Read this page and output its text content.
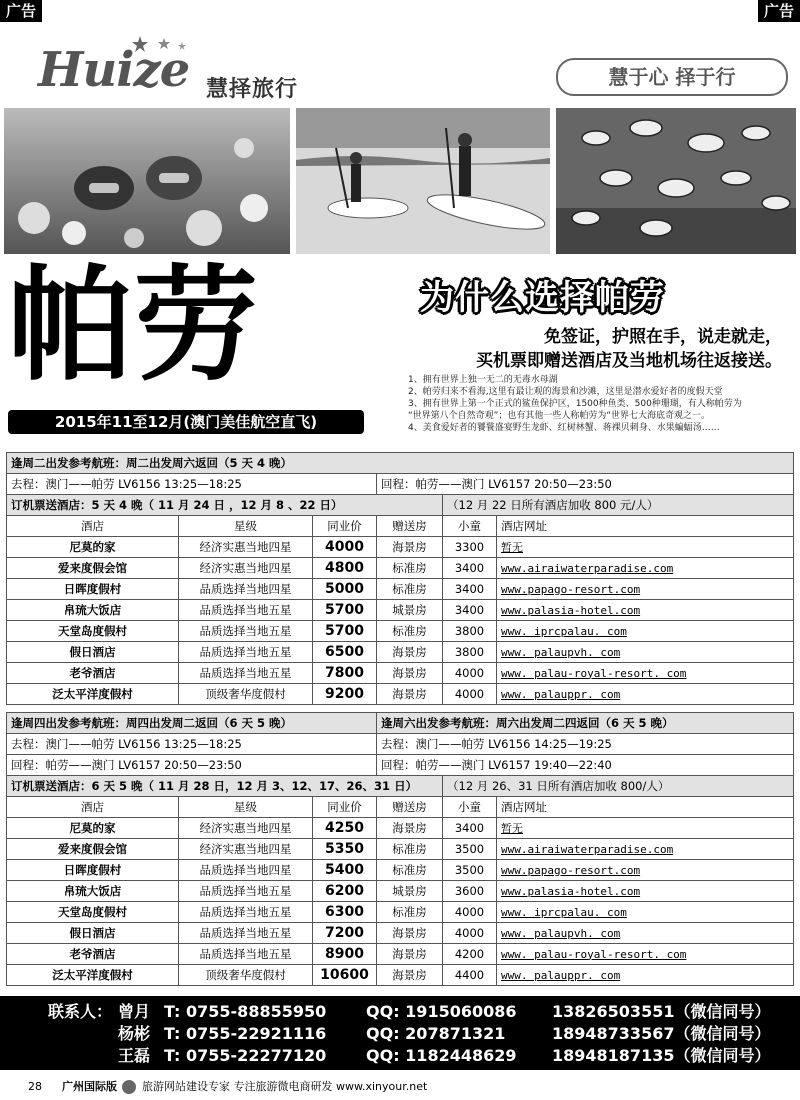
广告	广告
Huize 慧择旅行	慧于心 择于行
帕劳
2015年11至12月(澳门美佳航空直飞)
为什么选择帕劳
免签证，护照在手，说走就走，
买机票即赠送酒店及当地机场往返接送。
1、拥有世界上独一无二的无毒水母湖
2、帕劳归来不看海,这里有最让观的海景和沙滩，这里是潜水爱好者的度假天堂
3、拥有世界上第一个正式的鲨鱼保护区，1500种鱼类、500种珊瑚，有人称帕劳为
“世界第八个自然奇观”；也有其他一些人称帕劳为“世界七大海底奇观之一。
4、美食爱好者的饕餮盛宴野生龙虾、红树林蟹、蒋裸贝刺身、水果蝙蝠汤……
逢周二出发参考航班：周二出发周六返回（5 天 4 晚）					
去程：澳门——帕劳 LV6156 13:25—18:25			回程：帕劳——澳门 LV6157 20:50—23:50		
订机票送酒店：5 天 4 晚（ 11 月 24 日 ，12 月 8 、22 日）				（12 月 22 日所有酒店加收 800 元/人）	
酒店	星级	同业价	赠送房	小童	酒店网址
尼莫的家	经济实惠当地四星	4000	海景房	3300	暂无
爱来度假会馆	经济实惠当地四星	4800	标准房	3400	www.airaiwaterparadise.com
日晖度假村	品质选择当地四星	5000	标准房	3400	www.papago-resort.com
帛琉大饭店	品质选择当地五星	5700	城景房	3400	www.palasia-hotel.com
天堂岛度假村	品质选择当地五星	5700	标准房	3800	www. iprcpalau. com
假日酒店	品质选择当地五星	6500	海景房	3800	www. palaupvh. com
老爷酒店	品质选择当地五星	7800	海景房	4000	www. palau-royal-resort. com
泛太平洋度假村	顶级奢华度假村	9200	海景房	4000	www. palauppr. com
逢周四出发参考航班：周四出发周二返回（6 天 5 晚）			逢周六出发参考航班：周六出发周二四返回（6 天 5 晚）		
去程：澳门——帕劳 LV6156 13:25—18:25			去程：澳门——帕劳 LV6156 14:25—19:25		
回程：帕劳——澳门 LV6157 20:50—23:50			回程：帕劳——澳门 LV6157 19:40—22:40		
订机票送酒店：6 天 5 晚（ 11 月 28 日，12 月 3、12、17、26、31 日）				（12 月 26、31 日所有酒店加收 800/人）	
酒店	星级	同业价	赠送房	小童	酒店网址
尼莫的家	经济实惠当地四星	4250	海景房	3400	暂无
爱来度假会馆	经济实惠当地四星	5350	标准房	3500	www.airaiwaterparadise.com
日晖度假村	品质选择当地四星	5400	标准房	3500	www.papago-resort.com
帛琉大饭店	品质选择当地五星	6200	城景房	3600	www.palasia-hotel.com
天堂岛度假村	品质选择当地五星	6300	标准房	4000	www. iprcpalau. com
假日酒店	品质选择当地五星	7200	海景房	4000	www. palaupvh. com
老爷酒店	品质选择当地五星	8900	海景房	4200	www. palau-royal-resort. com
泛太平洋度假村	顶级奢华度假村	10600	海景房	4400	www. palauppr. com
联系人： 曾月 T: 0755-88855950 QQ: 1915060086 13826503551（微信同号）
杨彬 T: 0755-22921116 QQ: 207871321	18948733567（微信同号）
王磊 T: 0755-22277120 QQ: 1182448629 18948187135（微信同号）
28 广州国际版 旅游网站建设专家 专注旅游微电商研发 www.xinyour.net
